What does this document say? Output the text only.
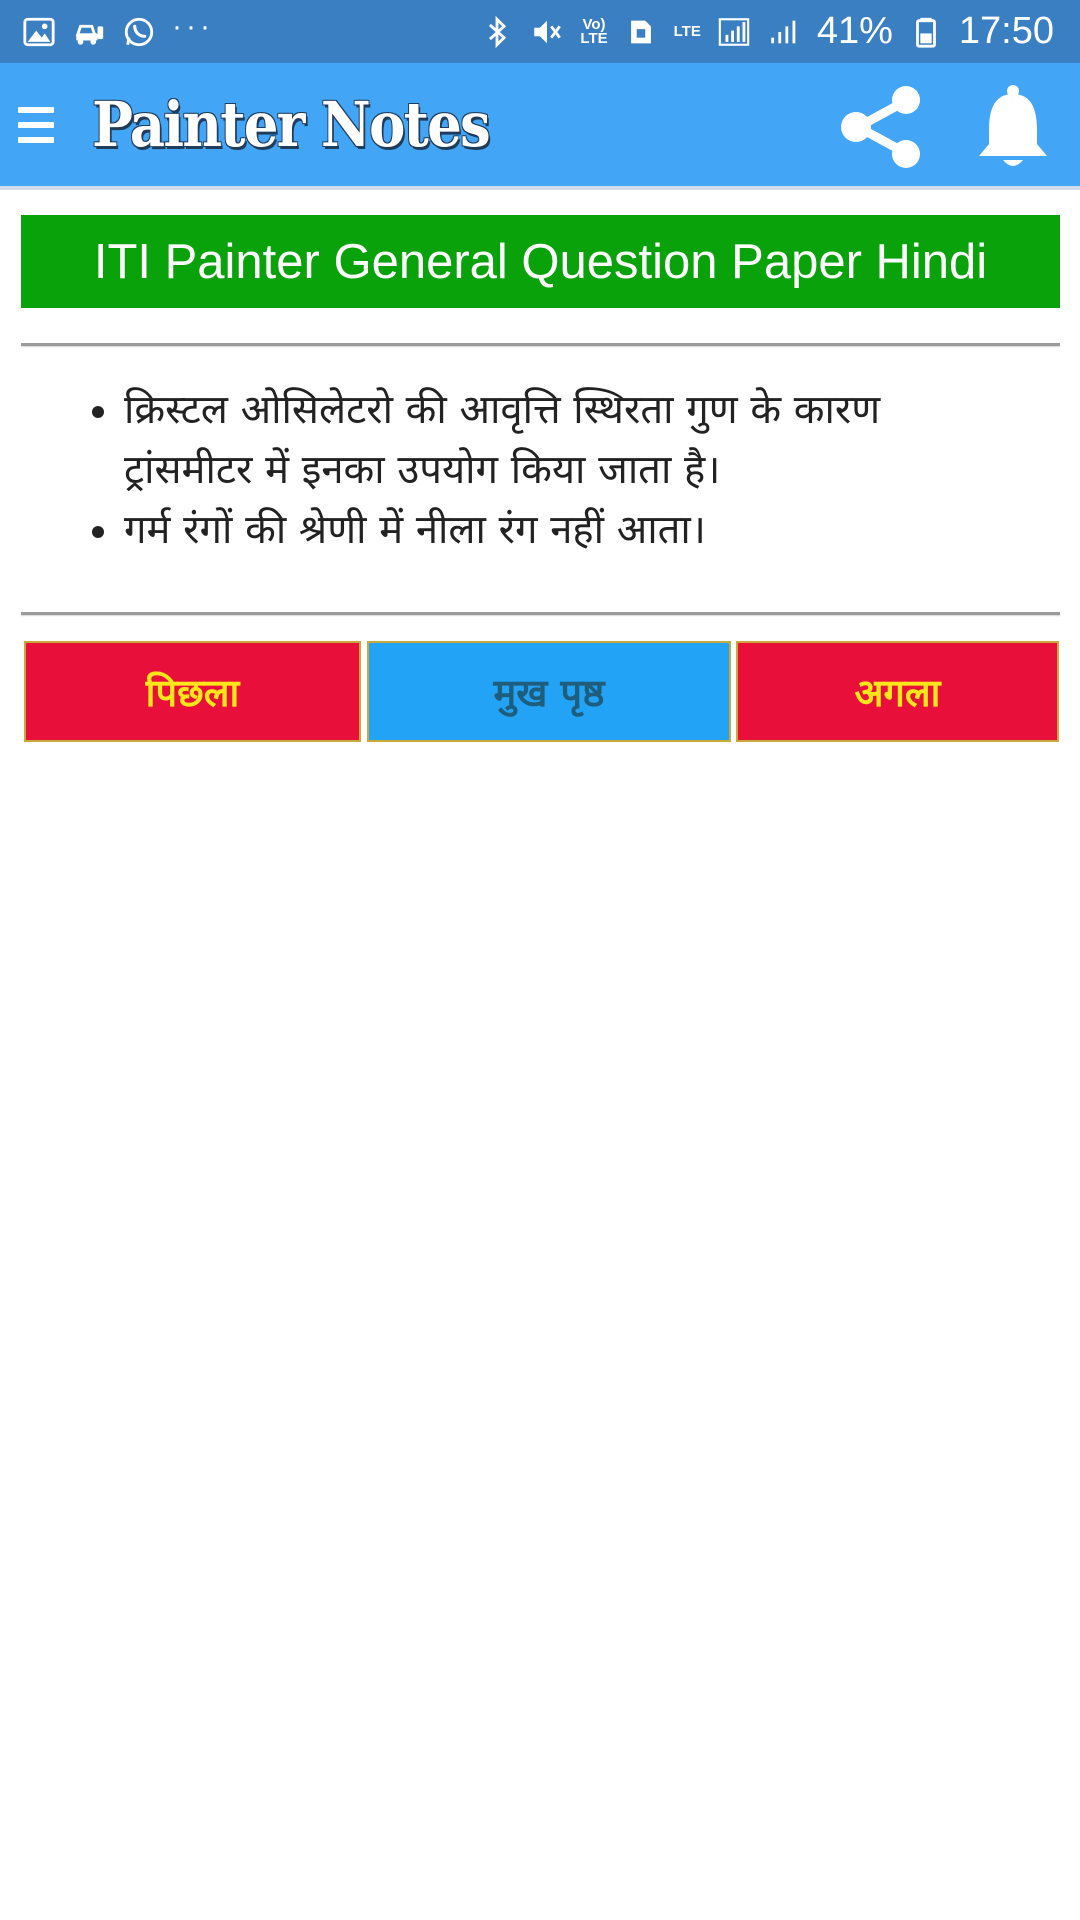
···	Vo)
LTE	LTE	41% 17:50
Painter Notes
ITI Painter General Question Paper Hindi
क्रिस्टल ओसिलेटरो की आवृत्ति स्थिरता गुण के कारण ट्रांसमीटर में इनका उपयोग किया जाता है।
गर्म रंगों की श्रेणी में नीला रंग नहीं आता।
पिछला	मुख पृष्ठ	अगला
